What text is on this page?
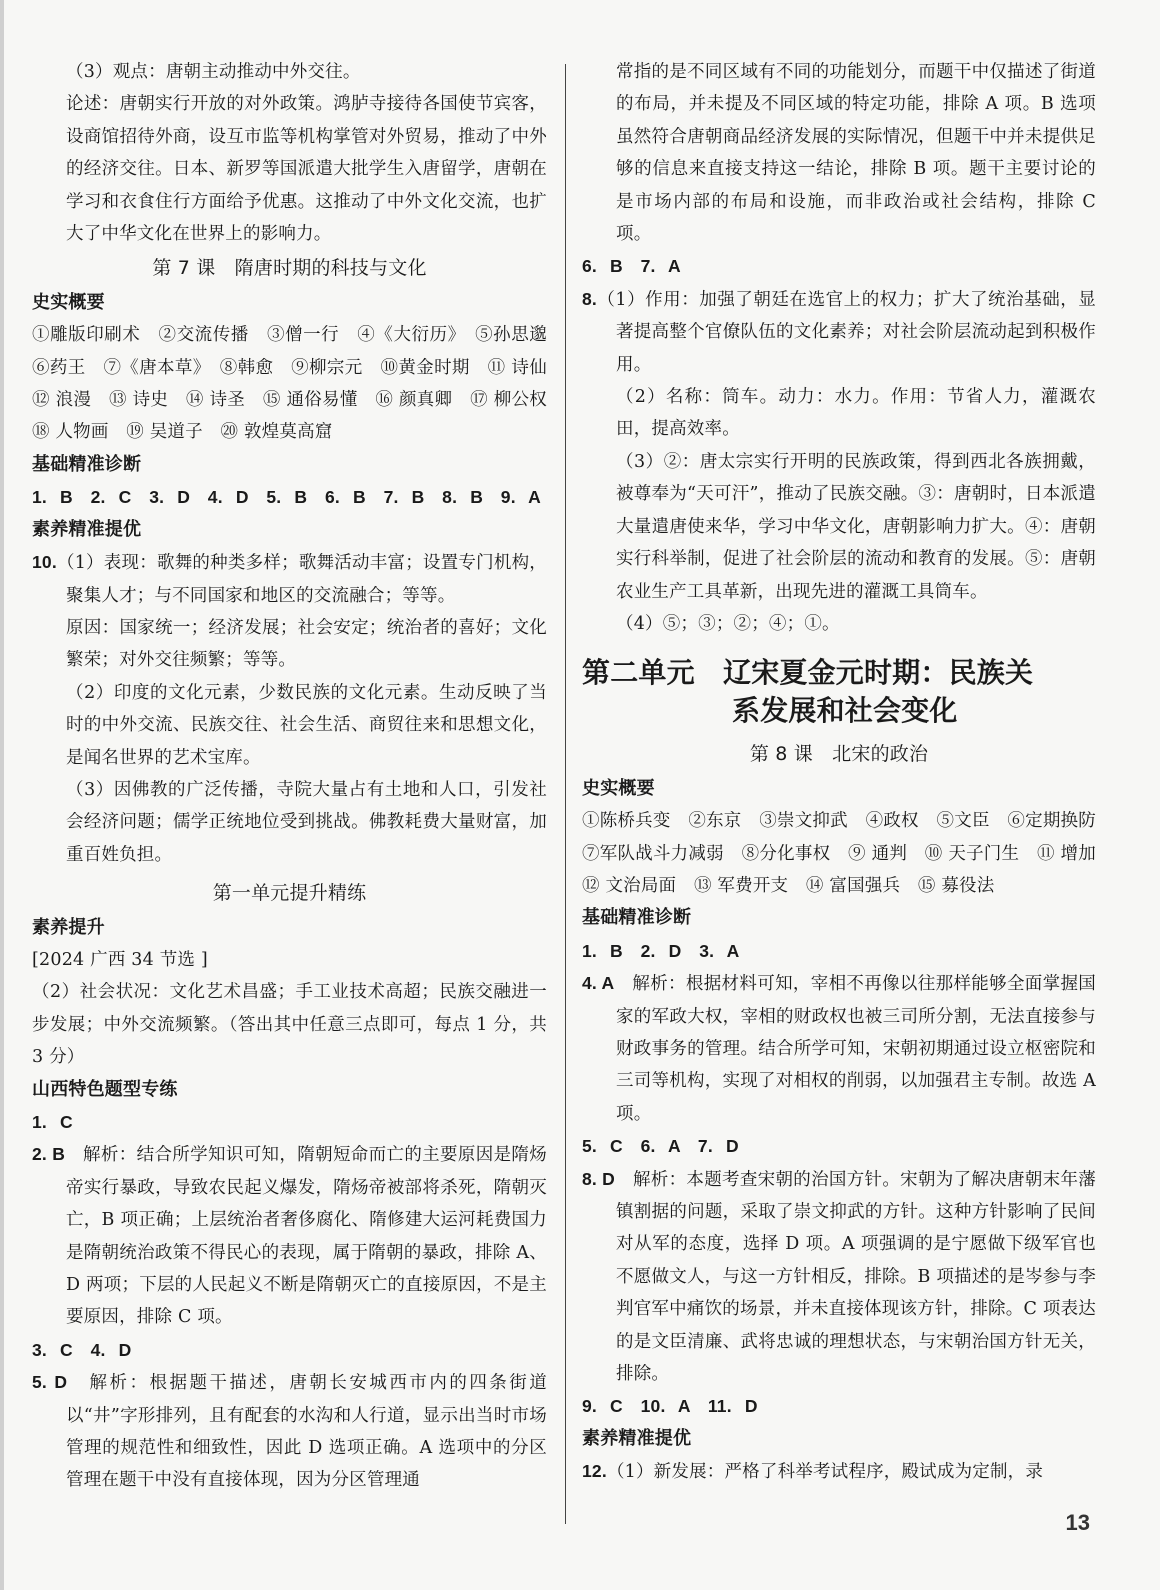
（3）观点：唐朝主动推动中外交往。

论述：唐朝实行开放的对外政策。鸿胪寺接待各国使节宾客，设商馆招待外商，设互市监等机构掌管对外贸易，推动了中外的经济交往。日本、新罗等国派遣大批学生入唐留学，唐朝在学习和衣食住行方面给予优惠。这推动了中外文化交流，也扩大了中华文化在世界上的影响力。

第 7 课　隋唐时期的科技与文化

史实概要

①雕版印刷术　②交流传播　③僧一行　④《大衍历》　⑤孙思邈　⑥药王　⑦《唐本草》　⑧韩愈　⑨柳宗元　⑩黄金时期　⑪ 诗仙　⑫ 浪漫　⑬ 诗史　⑭ 诗圣　⑮ 通俗易懂　⑯ 颜真卿　⑰ 柳公权　⑱ 人物画　⑲ 吴道子　⑳ 敦煌莫高窟

基础精准诊断

1. B　2. C　3. D　4. D　5. B　6. B　7. B　8. B　9. A

素养精准提优

10.（1）表现：歌舞的种类多样；歌舞活动丰富；设置专门机构，聚集人才；与不同国家和地区的交流融合；等等。

原因：国家统一；经济发展；社会安定；统治者的喜好；文化繁荣；对外交往频繁；等等。

（2）印度的文化元素，少数民族的文化元素。生动反映了当时的中外交流、民族交往、社会生活、商贸往来和思想文化，是闻名世界的艺术宝库。

（3）因佛教的广泛传播，寺院大量占有土地和人口，引发社会经济问题；儒学正统地位受到挑战。佛教耗费大量财富，加重百姓负担。

第一单元提升精练

素养提升

[2024 广西 34 节选 ]

（2）社会状况：文化艺术昌盛；手工业技术高超；民族交融进一步发展；中外交流频繁。（答出其中任意三点即可，每点 1 分，共 3 分）

山西特色题型专练

1. C

2. B　 解析：结合所学知识可知，隋朝短命而亡的主要原因是隋炀帝实行暴政，导致农民起义爆发，隋炀帝被部将杀死，隋朝灭亡，B 项正确；上层统治者奢侈腐化、隋修建大运河耗费国力是隋朝统治政策不得民心的表现，属于隋朝的暴政，排除 A、D 两项；下层的人民起义不断是隋朝灭亡的直接原因，不是主要原因，排除 C 项。

3. C　4. D

5. D　 解析：根据题干描述，唐朝长安城西市内的四条街道以“井”字形排列，且有配套的水沟和人行道，显示出当时市场管理的规范性和细致性，因此 D 选项正确。A 选项中的分区管理在题干中没有直接体现，因为分区管理通

常指的是不同区域有不同的功能划分，而题干中仅描述了街道的布局，并未提及不同区域的特定功能，排除 A 项。B 选项虽然符合唐朝商品经济发展的实际情况，但题干中并未提供足够的信息来直接支持这一结论，排除 B 项。题干主要讨论的是市场内部的布局和设施，而非政治或社会结构，排除 C 项。

6. B　7. A

8.（1）作用：加强了朝廷在选官上的权力；扩大了统治基础，显著提高整个官僚队伍的文化素养；对社会阶层流动起到积极作用。

（2）名称：筒车。动力：水力。作用：节省人力，灌溉农田，提高效率。

（3）②：唐太宗实行开明的民族政策，得到西北各族拥戴，被尊奉为“天可汗”，推动了民族交融。③：唐朝时，日本派遣大量遣唐使来华，学习中华文化，唐朝影响力扩大。④：唐朝实行科举制，促进了社会阶层的流动和教育的发展。⑤：唐朝农业生产工具革新，出现先进的灌溉工具筒车。

（4）⑤；③；②；④；①。

第二单元　辽宋夏金元时期：民族关
系发展和社会变化

第 8 课　北宋的政治

史实概要

①陈桥兵变　②东京　③崇文抑武　④政权　⑤文臣　⑥定期换防　⑦军队战斗力减弱　⑧分化事权　⑨ 通判　⑩ 天子门生　⑪ 增加　⑫ 文治局面　⑬ 军费开支　⑭ 富国强兵　⑮ 募役法

基础精准诊断

1. B　2. D　3. A

4. A　 解析：根据材料可知，宰相不再像以往那样能够全面掌握国家的军政大权，宰相的财政权也被三司所分割，无法直接参与财政事务的管理。结合所学可知，宋朝初期通过设立枢密院和三司等机构，实现了对相权的削弱，以加强君主专制。故选 A 项。

5. C　6. A　7. D

8. D　 解析：本题考查宋朝的治国方针。宋朝为了解决唐朝末年藩镇割据的问题，采取了崇文抑武的方针。这种方针影响了民间对从军的态度，选择 D 项。A 项强调的是宁愿做下级军官也不愿做文人，与这一方针相反，排除。B 项描述的是岑参与李判官军中痛饮的场景，并未直接体现该方针，排除。C 项表达的是文臣清廉、武将忠诚的理想状态，与宋朝治国方针无关，排除。

9. C　10. A　11. D

素养精准提优

12.（1）新发展：严格了科举考试程序，殿试成为定制，录

13
